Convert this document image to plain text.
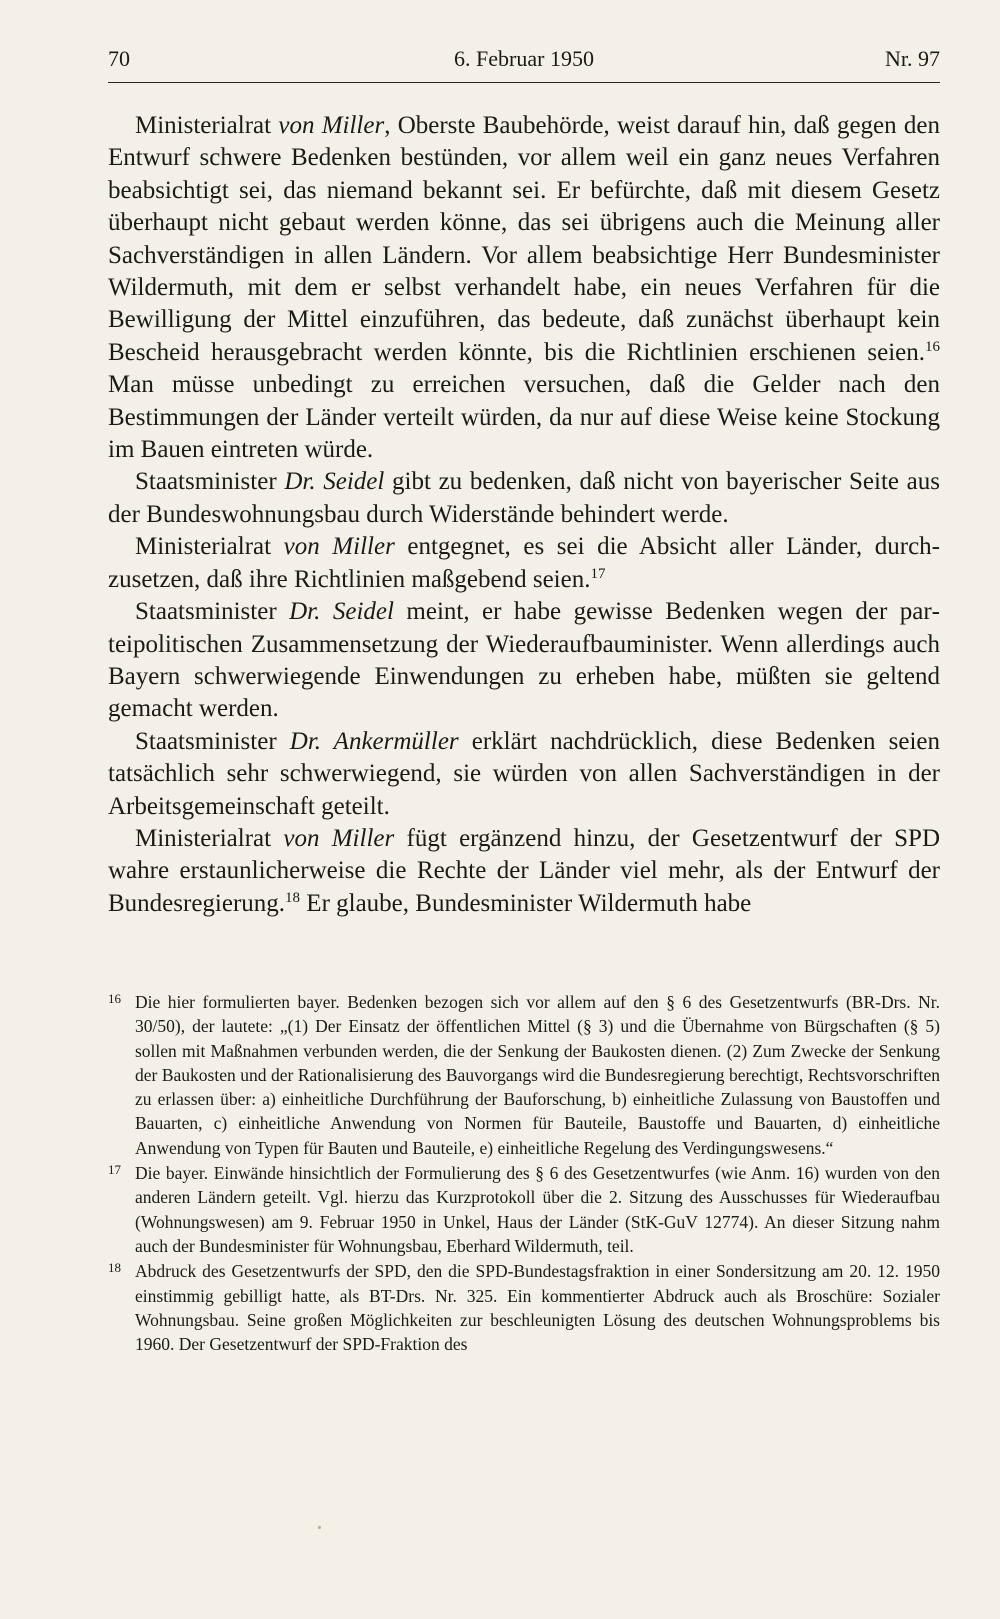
70	6. Februar 1950	Nr. 97

Ministerialrat von Miller, Oberste Baubehörde, weist darauf hin, daß gegen den Entwurf schwere Bedenken bestünden, vor allem weil ein ganz neues Verfahren beabsichtigt sei, das niemand bekannt sei. Er befürchte, daß mit diesem Gesetz überhaupt nicht gebaut werden könne, das sei übrigens auch die Meinung aller Sachverständigen in allen Ländern. Vor allem beabsichtige Herr Bundesminister Wildermuth, mit dem er selbst verhandelt habe, ein neues Verfahren für die Bewilligung der Mittel einzuführen, das bedeute, daß zunächst überhaupt kein Bescheid herausgebracht werden könnte, bis die Richtlinien erschienen seien.$^{16}$ Man müsse unbedingt zu erreichen versuchen, daß die Gelder nach den Bestimmungen der Länder verteilt würden, da nur auf diese Weise keine Stockung im Bauen eintreten würde.

Staatsminister Dr. Seidel gibt zu bedenken, daß nicht von bayerischer Seite aus der Bundeswohnungsbau durch Widerstände behindert werde.

Ministerialrat von Miller entgegnet, es sei die Absicht aller Länder, durchzusetzen, daß ihre Richtlinien maßgebend seien.$^{17}$

Staatsminister Dr. Seidel meint, er habe gewisse Bedenken wegen der parteipolitischen Zusammensetzung der Wiederaufbauminister. Wenn allerdings auch Bayern schwerwiegende Einwendungen zu erheben habe, müßten sie geltend gemacht werden.

Staatsminister Dr. Ankermüller erklärt nachdrücklich, diese Bedenken seien tatsächlich sehr schwerwiegend, sie würden von allen Sachverständigen in der Arbeitsgemeinschaft geteilt.

Ministerialrat von Miller fügt ergänzend hinzu, der Gesetzentwurf der SPD wahre erstaunlicherweise die Rechte der Länder viel mehr, als der Entwurf der Bundesregierung.$^{18}$ Er glaube, Bundesminister Wildermuth habe

16 Die hier formulierten bayer. Bedenken bezogen sich vor allem auf den § 6 des Gesetzentwurfs (BR-Drs. Nr. 30/50), der lautete: „(1) Der Einsatz der öffentlichen Mittel (§ 3) und die Übernahme von Bürgschaften (§ 5) sollen mit Maßnahmen verbunden werden, die der Senkung der Baukosten dienen. (2) Zum Zwecke der Senkung der Baukosten und der Rationalisierung des Bauvorgangs wird die Bundesregierung berechtigt, Rechtsvorschriften zu erlassen über: a) einheitliche Durchführung der Bauforschung, b) einheitliche Zulassung von Baustoffen und Bauarten, c) einheitliche Anwendung von Normen für Bauteile, Baustoffe und Bauarten, d) einheitliche Anwendung von Typen für Bauten und Bauteile, e) einheitliche Regelung des Verdingungswesens.“
17 Die bayer. Einwände hinsichtlich der Formulierung des § 6 des Gesetzentwurfes (wie Anm. 16) wurden von den anderen Ländern geteilt. Vgl. hierzu das Kurzprotokoll über die 2. Sitzung des Ausschusses für Wiederaufbau (Wohnungswesen) am 9. Februar 1950 in Unkel, Haus der Länder (StK-GuV 12774). An dieser Sitzung nahm auch der Bundesminister für Wohnungsbau, Eberhard Wildermuth, teil.
18 Abdruck des Gesetzentwurfs der SPD, den die SPD-Bundestagsfraktion in einer Sondersitzung am 20. 12. 1950 einstimmig gebilligt hatte, als BT-Drs. Nr. 325. Ein kommentierter Abdruck auch als Broschüre: Sozialer Wohnungsbau. Seine großen Möglichkeiten zur beschleunigten Lösung des deutschen Wohnungsproblems bis 1960. Der Gesetzentwurf der SPD-Fraktion des
